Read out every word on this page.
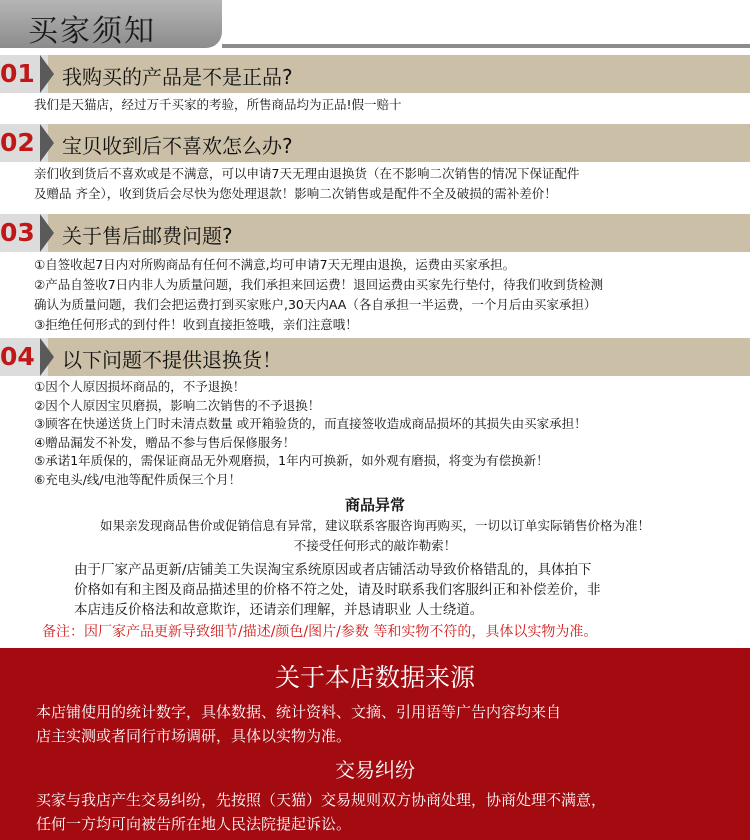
买家须知
01	我购买的产品是不是正品?
我们是天猫店，经过万千买家的考验，所售商品均为正品!假一赔十
02	宝贝收到后不喜欢怎么办?
亲们收到货后不喜欢或是不满意，可以申请7天无理由退换货（在不影响二次销售的情况下保证配件
及赠品 齐全），收到货后会尽快为您处理退款！影响二次销售或是配件不全及破损的需补差价！
03	关于售后邮费问题?
①自签收起7日内对所购商品有任何不满意,均可申请7天无理由退换，运费由买家承担。
②产品自签收7日内非人为质量问题，我们承担来回运费！退回运费由买家先行垫付，待我们收到货检测
确认为质量问题，我们会把运费打到买家账户,30天内AA（各自承担一半运费，一个月后由买家承担）
③拒绝任何形式的到付件！收到直接拒签哦，亲们注意哦！
04	以下问题不提供退换货！
①因个人原因损坏商品的，不予退换！
②因个人原因宝贝磨损，影响二次销售的不予退换！
③顾客在快递送货上门时未清点数量 或开箱验货的，而直接签收造成商品损坏的其损失由买家承担！
④赠品漏发不补发，赠品不参与售后保修服务！
⑤承诺1年质保的，需保证商品无外观磨损，1年内可换新，如外观有磨损，将变为有偿换新！
⑥充电头/线/电池等配件质保三个月！
商品异常
如果亲发现商品售价或促销信息有异常，建议联系客服咨询再购买，一切以订单实际销售价格为准！
不接受任何形式的敲诈勒索！
由于厂家产品更新/店铺美工失误淘宝系统原因或者店铺活动导致价格错乱的，具体拍下
价格如有和主图及商品描述里的价格不符之处，请及时联系我们客服纠正和补偿差价，非
本店违反价格法和故意欺诈，还请亲们理解，并恳请职业 人士绕道。
备注：因厂家产品更新导致细节/描述/颜色/图片/参数 等和实物不符的，具体以实物为准。
关于本店数据来源
本店铺使用的统计数字，具体数据、统计资料、文摘、引用语等广告内容均来自
店主实测或者同行市场调研，具体以实物为准。
交易纠纷
买家与我店产生交易纠纷，先按照（天猫）交易规则双方协商处理，协商处理不满意，
任何一方均可向被告所在地人民法院提起诉讼。
